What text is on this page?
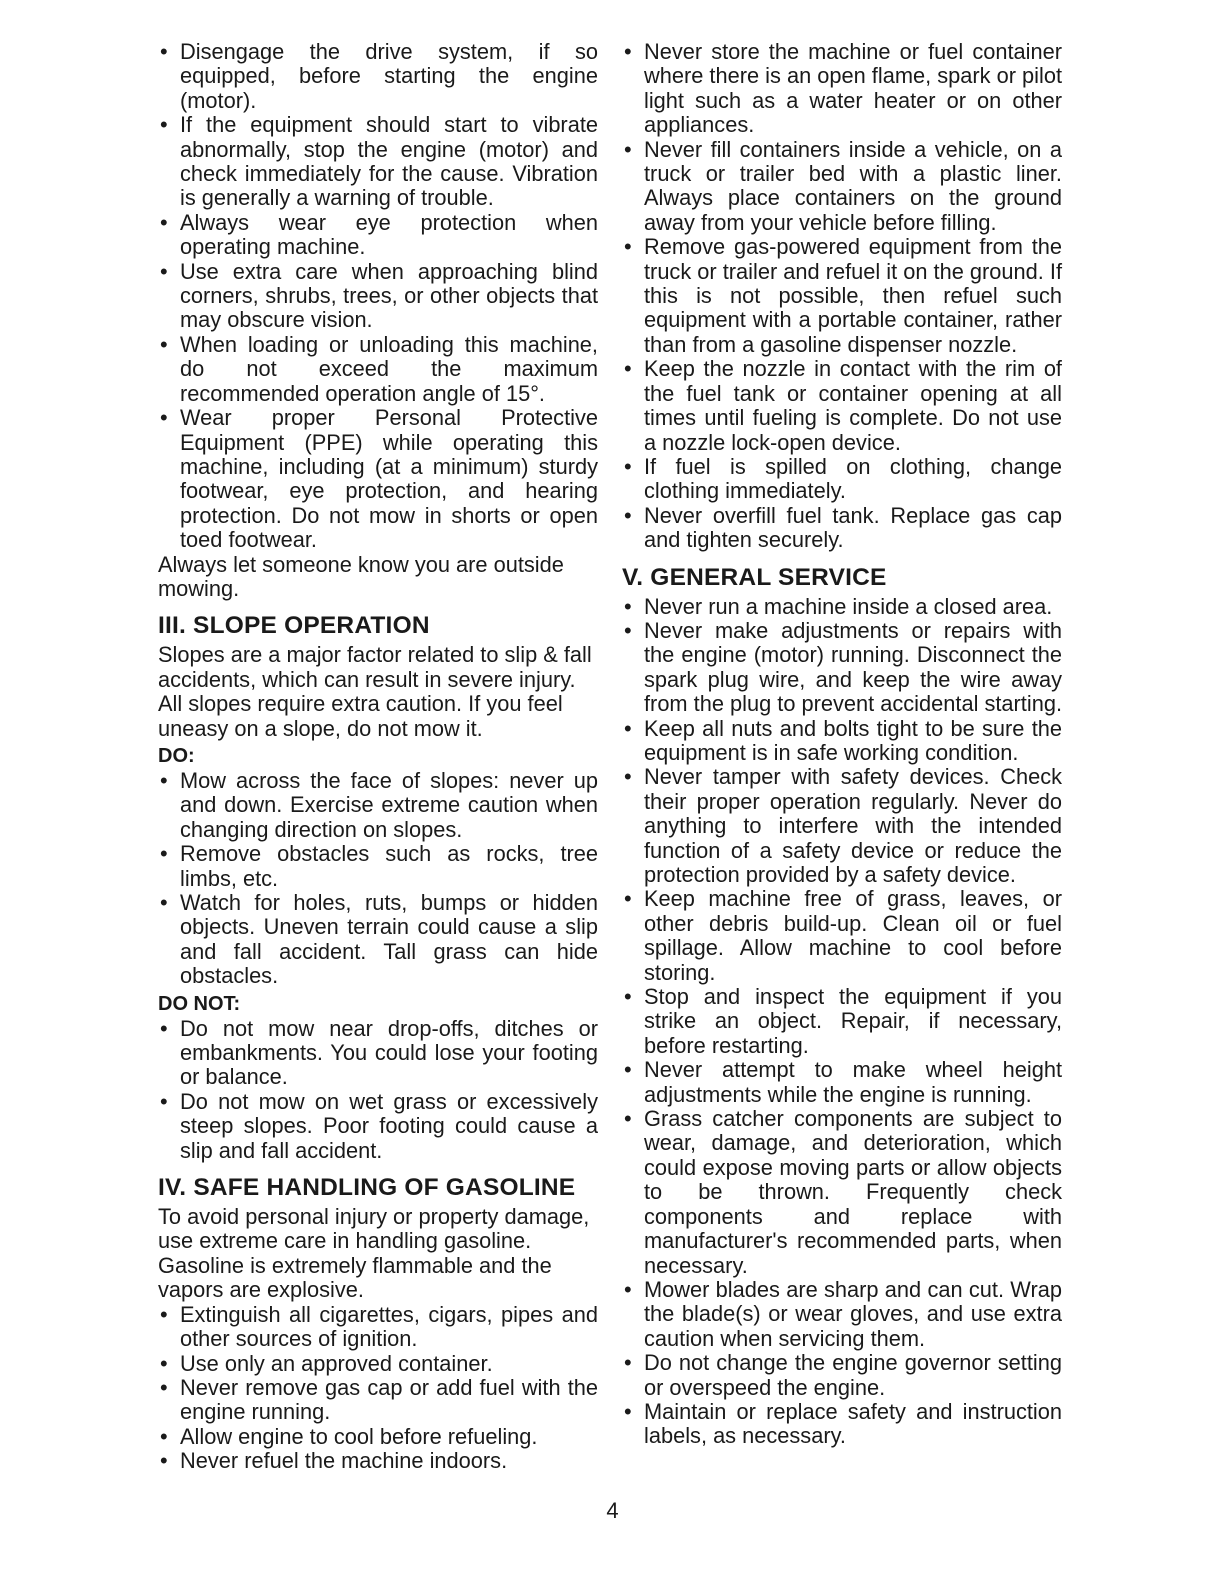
• Disengage the drive system, if so equipped, before starting the engine (motor).

• If the equipment should start to vibrate abnormally, stop the engine (motor) and check immediately for the cause. Vibration is generally a warning of trouble.

• Always wear eye protection when operating machine.

• Use extra care when approaching blind corners, shrubs, trees, or other objects that may obscure vision.

• When loading or unloading this machine, do not exceed the maximum recommended operation angle of 15°.

• Wear proper Personal Protective Equipment (PPE) while operating this machine, including (at a minimum) sturdy footwear, eye protection, and hearing protection. Do not mow in shorts or open toed footwear.

Always let someone know you are outside mowing.

III. SLOPE OPERATION

Slopes are a major factor related to slip & fall accidents, which can result in severe injury. All slopes require extra caution. If you feel uneasy on a slope, do not mow it.

DO:

• Mow across the face of slopes: never up and down. Exercise extreme caution when changing direction on slopes.

• Remove obstacles such as rocks, tree limbs, etc.

• Watch for holes, ruts, bumps or hidden objects. Uneven terrain could cause a slip and fall accident. Tall grass can hide obstacles.

DO NOT:

• Do not mow near drop-offs, ditches or embankments. You could lose your footing or balance.

• Do not mow on wet grass or excessively steep slopes. Poor footing could cause a slip and fall accident.

IV. SAFE HANDLING OF GASOLINE

To avoid personal injury or property damage, use extreme care in handling gasoline. Gasoline is extremely flammable and the vapors are explosive.

• Extinguish all cigarettes, cigars, pipes and other sources of ignition.

• Use only an approved container.

• Never remove gas cap or add fuel with the engine running.

• Allow engine to cool before refueling.

• Never refuel the machine indoors.

• Never store the machine or fuel container where there is an open flame, spark or pilot light such as a water heater or on other appliances.

• Never fill containers inside a vehicle, on a truck or trailer bed with a plastic liner. Always place containers on the ground away from your vehicle before filling.

• Remove gas-powered equipment from the truck or trailer and refuel it on the ground. If this is not possible, then refuel such equipment with a portable container, rather than from a gasoline dispenser nozzle.

• Keep the nozzle in contact with the rim of the fuel tank or container opening at all times until fueling is complete. Do not use a nozzle lock-open device.

• If fuel is spilled on clothing, change clothing immediately.

• Never overfill fuel tank. Replace gas cap and tighten securely.

V. GENERAL SERVICE

• Never run a machine inside a closed area.

• Never make adjustments or repairs with the engine (motor) running. Disconnect the spark plug wire, and keep the wire away from the plug to prevent accidental starting.

• Keep all nuts and bolts tight to be sure the equipment is in safe working condition.

• Never tamper with safety devices. Check their proper operation regularly. Never do anything to interfere with the intended function of a safety device or reduce the protection provided by a safety device.

• Keep machine free of grass, leaves, or other debris build-up. Clean oil or fuel spillage. Allow machine to cool before storing.

• Stop and inspect the equipment if you strike an object. Repair, if necessary, before restarting.

• Never attempt to make wheel height adjustments while the engine is running.

• Grass catcher components are subject to wear, damage, and deterioration, which could expose moving parts or allow objects to be thrown. Frequently check components and replace with manufacturer's recommended parts, when necessary.

• Mower blades are sharp and can cut. Wrap the blade(s) or wear gloves, and use extra caution when servicing them.

• Do not change the engine governor setting or overspeed the engine.

• Maintain or replace safety and instruction labels, as necessary.

4
